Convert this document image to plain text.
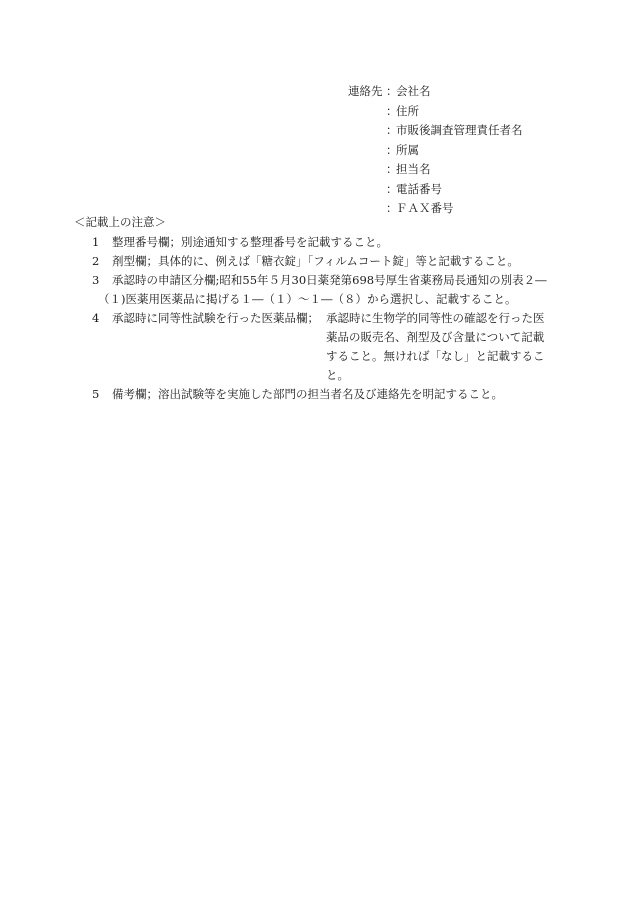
連絡先 ：
会社名
：
住所
：
市販後調査管理責任者名
：
所属
：
担当名
：
電話番号
：
ＦＡＸ番号
＜記載上の注意＞
1 整理番号欄；別途通知する整理番号を記載すること。
2 剤型欄；具体的に、例えば「糖衣錠」「フィルムコート錠」等と記載すること。
3 承認時の申請区分欄;昭和55年５月30日薬発第698号厚生省薬務局長通知の別表２―
（１)医薬用医薬品に掲げる１―（１）～１―（８）から選択し、記載すること。
4 承認時に同等性試験を行った医薬品欄； 承認時に生物学的同等性の確認を行った医
薬品の販売名、剤型及び含量について記載
すること。無ければ「なし」と記載するこ
と。
5 備考欄；溶出試験等を実施した部門の担当者名及び連絡先を明記すること。
